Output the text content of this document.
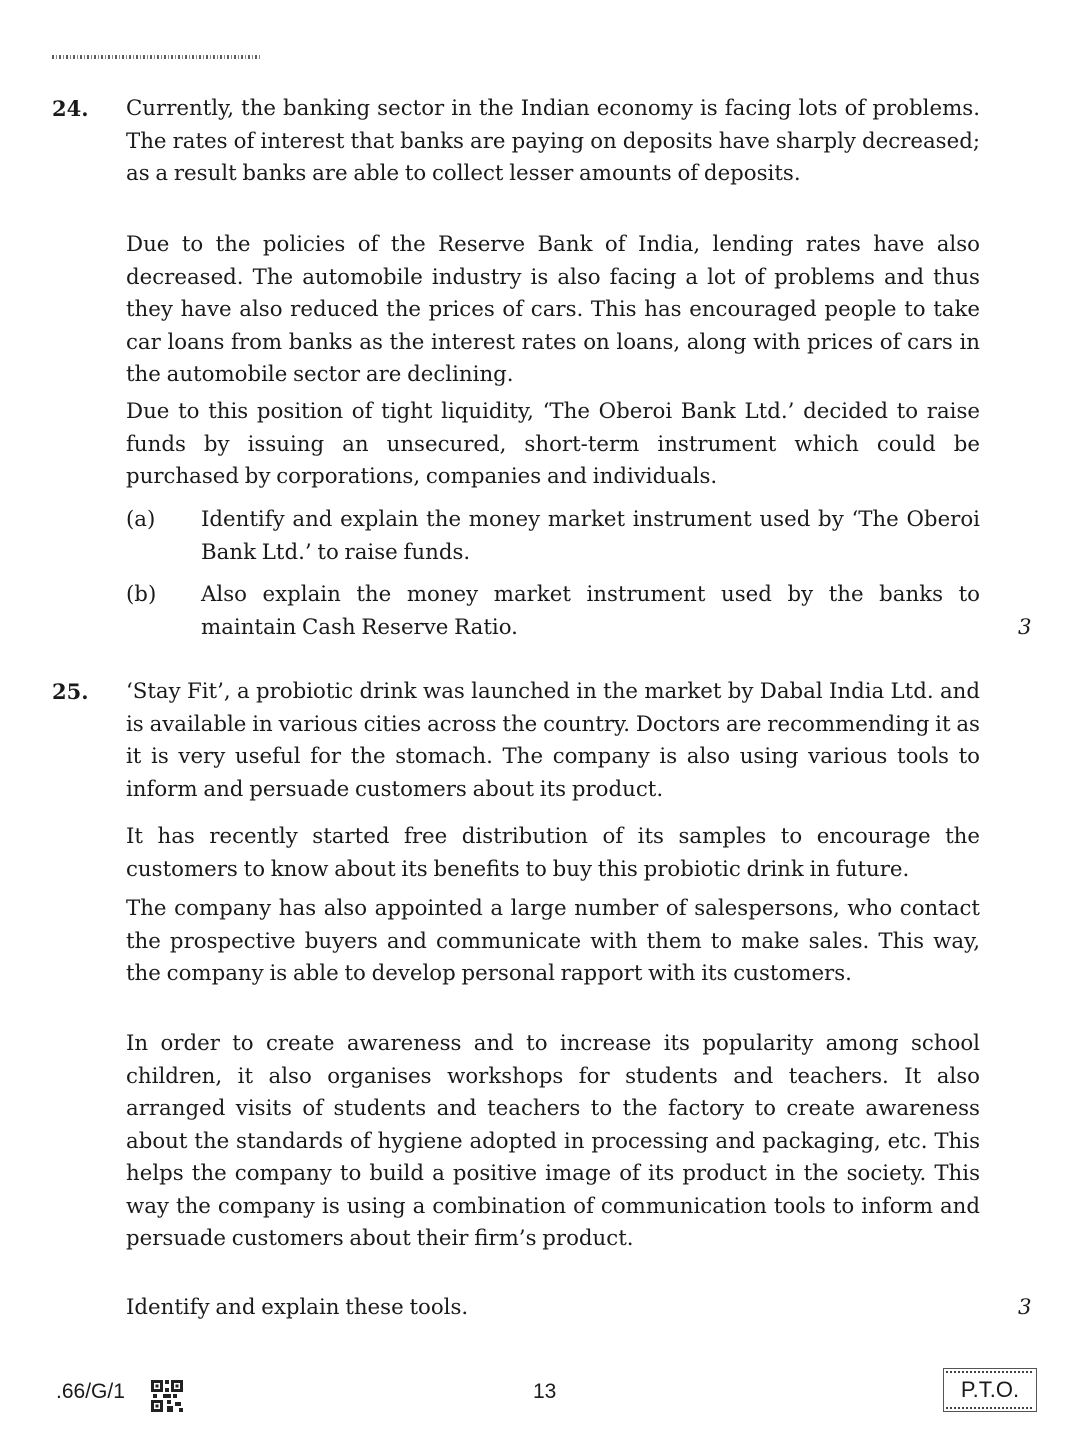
24. Currently, the banking sector in the Indian economy is facing lots of problems. The rates of interest that banks are paying on deposits have sharply decreased; as a result banks are able to collect lesser amounts of deposits.

Due to the policies of the Reserve Bank of India, lending rates have also decreased. The automobile industry is also facing a lot of problems and thus they have also reduced the prices of cars. This has encouraged people to take car loans from banks as the interest rates on loans, along with prices of cars in the automobile sector are declining.

Due to this position of tight liquidity, ‘The Oberoi Bank Ltd.’ decided to raise funds by issuing an unsecured, short-term instrument which could be purchased by corporations, companies and individuals.

(a) Identify and explain the money market instrument used by ‘The Oberoi Bank Ltd.’ to raise funds.
(b) Also explain the money market instrument used by the banks to maintain Cash Reserve Ratio.	3
25. ‘Stay Fit’, a probiotic drink was launched in the market by Dabal India Ltd. and is available in various cities across the country. Doctors are recommending it as it is very useful for the stomach. The company is also using various tools to inform and persuade customers about its product.

It has recently started free distribution of its samples to encourage the customers to know about its benefits to buy this probiotic drink in future.

The company has also appointed a large number of salespersons, who contact the prospective buyers and communicate with them to make sales. This way, the company is able to develop personal rapport with its customers.

In order to create awareness and to increase its popularity among school children, it also organises workshops for students and teachers. It also arranged visits of students and teachers to the factory to create awareness about the standards of hygiene adopted in processing and packaging, etc. This helps the company to build a positive image of its product in the society. This way the company is using a combination of communication tools to inform and persuade customers about their firm’s product.

Identify and explain these tools.	3
.66/G/1	13	P.T.O.
